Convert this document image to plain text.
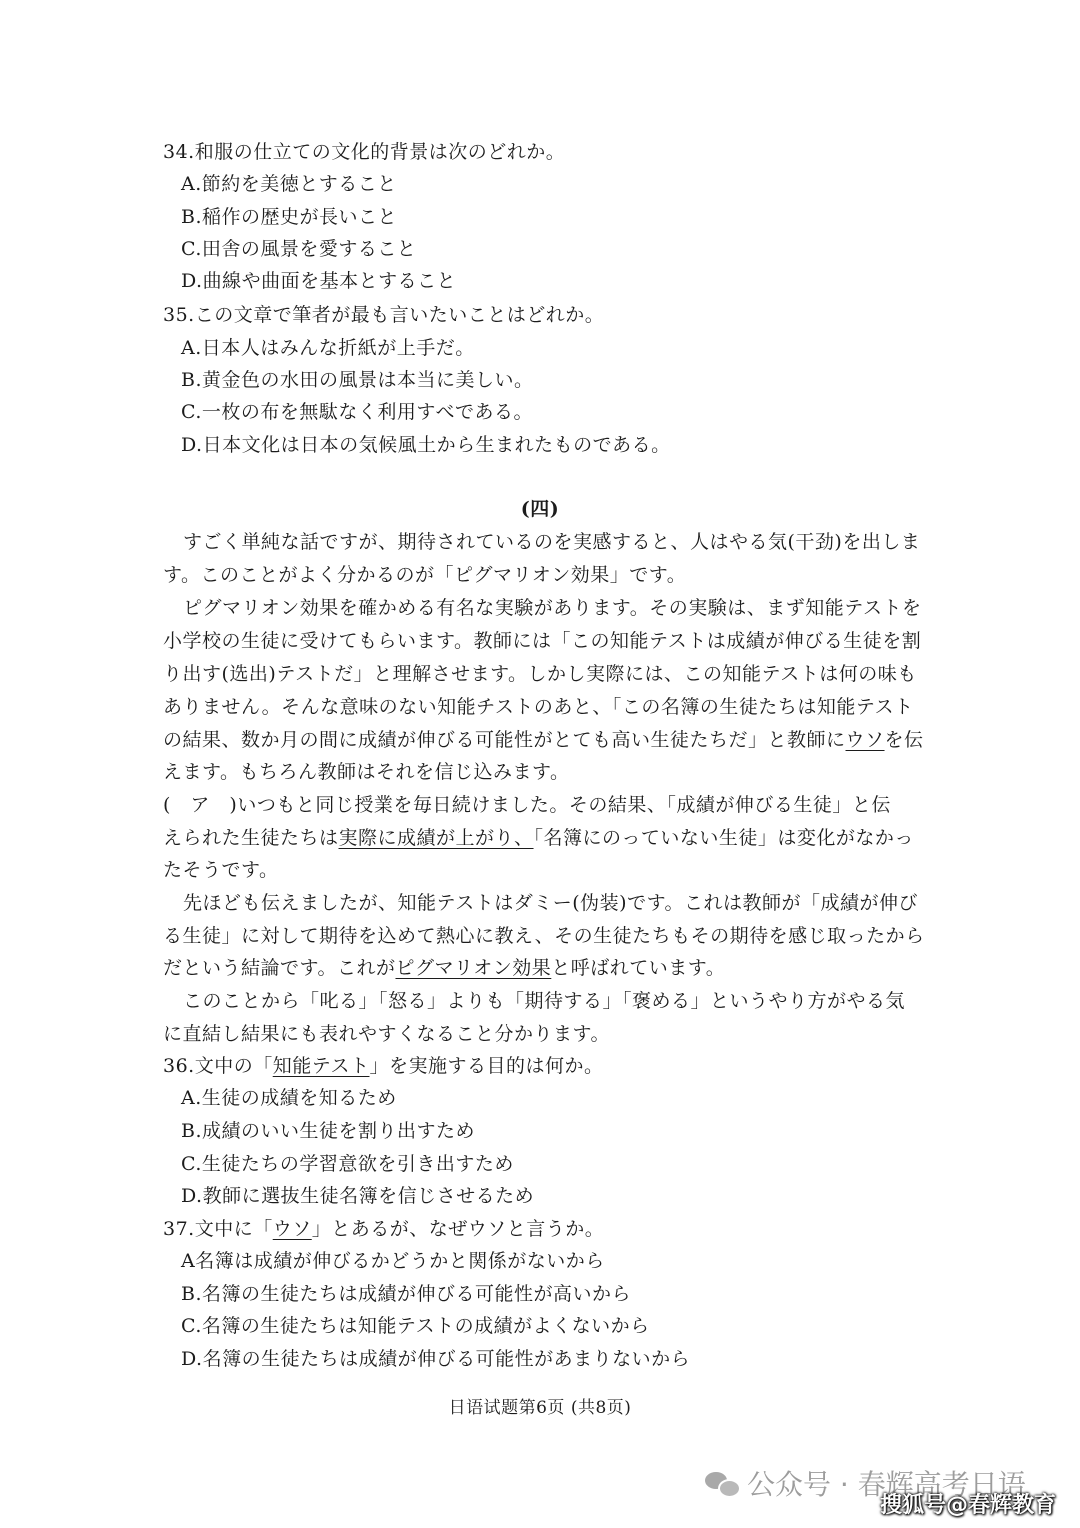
34.和服の仕立ての文化的背景は次のどれか。
A.節約を美徳とすること
B.稲作の歴史が長いこと
C.田舎の風景を愛すること
D.曲線や曲面を基本とすること
35.この文章で筆者が最も言いたいことはどれか。
A.日本人はみんな折紙が上手だ。
B.黄金色の水田の風景は本当に美しい。
C.一枚の布を無駄なく利用すべである。
D.日本文化は日本の気候風土から生まれたものである。
(四)
すごく単純な話ですが、期待されているのを実感すると、人はやる気(干劲)を出しま
す。このことがよく分かるのが「ピグマリオン効果」です。
ピグマリオン効果を確かめる有名な実験があります。その実験は、まず知能テストを
小学校の生徒に受けてもらいます。教師には「この知能テストは成績が伸びる生徒を割
り出す(选出)テストだ」と理解させます。しかし実際には、この知能テストは何の味も
ありません。そんな意味のない知能チストのあと、「この名簿の生徒たちは知能テスト
の結果、数か月の間に成績が伸びる可能性がとても高い生徒たちだ」と教師にウソを伝
えます。もちろん教師はそれを信じ込みます。
(　ア　)いつもと同じ授業を毎日続けました。その結果、「成績が伸びる生徒」と伝
えられた生徒たちは実際に成績が上がり、「名簿にのっていない生徒」は変化がなかっ
たそうです。
先ほども伝えましたが、知能テストはダミー(伪装)です。これは教師が「成績が伸び
る生徒」に対して期待を込めて熱心に教え、その生徒たちもその期待を感じ取ったから
だという結論です。これがピグマリオン効果と呼ばれています。
このことから「叱る」「怒る」よりも「期待する」「褒める」というやり方がやる気
に直結し結果にも表れやすくなること分かります。
36.文中の「知能テスト」を実施する目的は何か。
A.生徒の成績を知るため
B.成績のいい生徒を割り出すため
C.生徒たちの学習意欲を引き出すため
D.教師に選抜生徒名簿を信じさせるため
37.文中に「ウソ」とあるが、なぜウソと言うか。
A名簿は成績が伸びるかどうかと関係がないから
B.名簿の生徒たちは成績が伸びる可能性が高いから
C.名簿の生徒たちは知能テストの成績がよくないから
D.名簿の生徒たちは成績が伸びる可能性があまりないから
日语试题第6页 (共8页)
公众号 · 春辉高考日语
搜狐号@春辉教育
